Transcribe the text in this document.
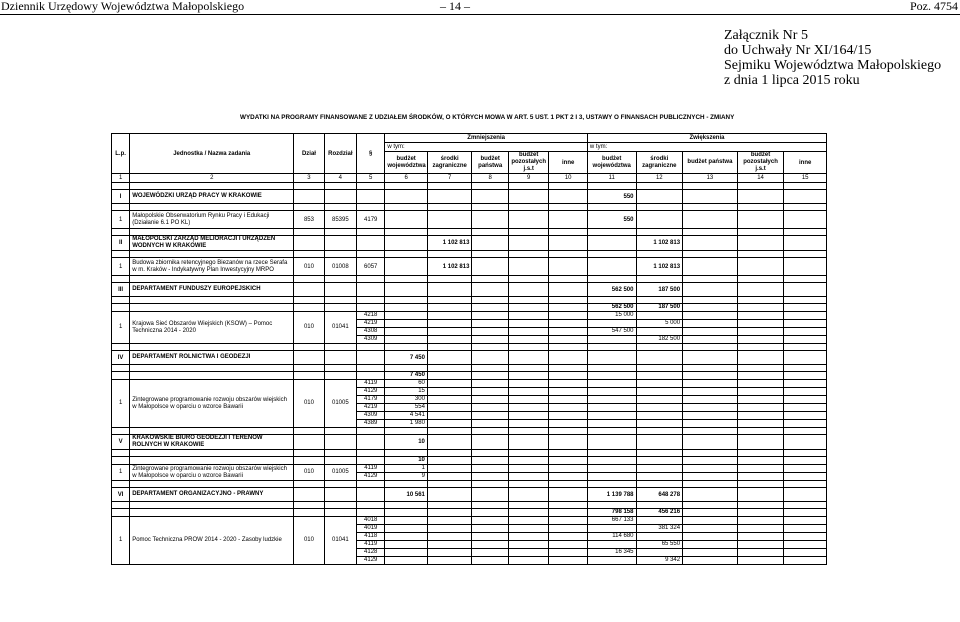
Dziennik Urzędowy Województwa Małopolskiego	– 14 –	Poz. 4754
Załącznik Nr 5
do Uchwały Nr XI/164/15
Sejmiku Województwa Małopolskiego
z dnia 1 lipca 2015 roku
WYDATKI NA PROGRAMY FINANSOWANE Z UDZIAŁEM ŚRODKÓW, O KTÓRYCH MOWA W ART. 5 UST. 1 PKT 2 I 3, USTAWY O FINANSACH PUBLICZNYCH - ZMIANY
L.p.	Jednostka / Nazwa zadania	Dział	Rozdział	§	Zmniejszenia					Zwiększenia				
					w tym:					w tym:				
					budżet województwa	środki zagraniczne	budżet państwa	budżet pozostałych j.s.t	inne	budżet województwa	środki zagraniczne	budżet państwa	budżet pozostałych j.s.t	inne
1	2	3	4	5	6	7	8	9	10	11	12	13	14	15

I	WOJEWÓDZKI URZĄD PRACY W KRAKOWIE									550				

1	Małopolskie Obserwatorium Rynku Pracy i Edukacji (Działanie 6.1 PO KL)	853	85395	4179						550				

II	MAŁOPOLSKI ZARZĄD MELIORACJI I URZĄDZEŃ WODNYCH W KRAKOWIE					1 102 813					1 102 813			

1	Budowa zbiornika retencyjnego Biezanów na rzece Serafa w m. Kraków - Indykatywny Plan Inwestycyjny MRPO	010	01008	6057		1 102 813					1 102 813			

III	DEPARTAMENT FUNDUSZY EUROPEJSKICH									562 500	187 500			

										562 500	187 500			
1	Krajowa Sieć Obszarów Wiejskich (KSOW) – Pomoc Techniczna 2014 - 2020	010	01041	4218						15 000				
				4219							5 000			
				4308						547 500				
				4309							182 500			

IV	DEPARTAMENT ROLNICTWA I GEODEZJI				7 450									

					7 450									
1	Zintegrowane programowanie rozwoju obszarów wiejskich w Małopolsce w oparciu o wzorce Bawarii	010	01005	4119	60									
				4129	15									
				4179	300									
				4219	554									
				4309	4 541									
				4389	1 980									

V	KRAKOWSKIE BIURO GEODEZJI I TERENÓW ROLNYCH W KRAKOWIE				10									

					10									
1	Zintegrowane programowanie rozwoju obszarów wiejskich w Małopolsce w oparciu o wzorce Bawarii	010	01005	4119	1									
				4129	9									

VI	DEPARTAMENT ORGANIZACYJNO - PRAWNY				10 561					1 139 788	648 278			

										798 158	456 216			
1	Pomoc Techniczna PROW 2014 - 2020 - Zasoby ludzkie	010	01041	4018						667 133				
				4019							381 324			
				4118						114 680				
				4119							65 550			
				4128						16 345				
				4129							9 342			
